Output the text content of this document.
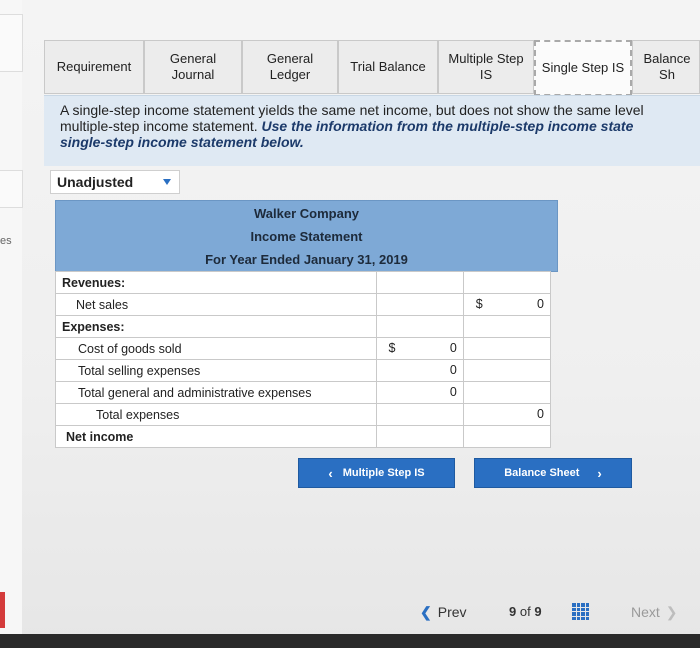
es
Requirement
General
Journal
General
Ledger
Trial Balance
Multiple Step
IS	Single Step IS
Balance Sh
A single-step income statement yields the same net income, but does not show the same level
multiple-step income statement. Use the information from the multiple-step income state
single-step income statement below.
Unadjusted
Walker Company
Income Statement
For Year Ended January 31, 2019
Revenues:		
Net sales		$ 0

Expenses:		
Cost of goods sold	$ 0	

Total selling expenses	0	

Total general and administrative expenses	0	

Total expenses		0

Net income		
‹ Multiple Step IS	Balance Sheet ›
❮ Prev	9 of 9	Next ❯
